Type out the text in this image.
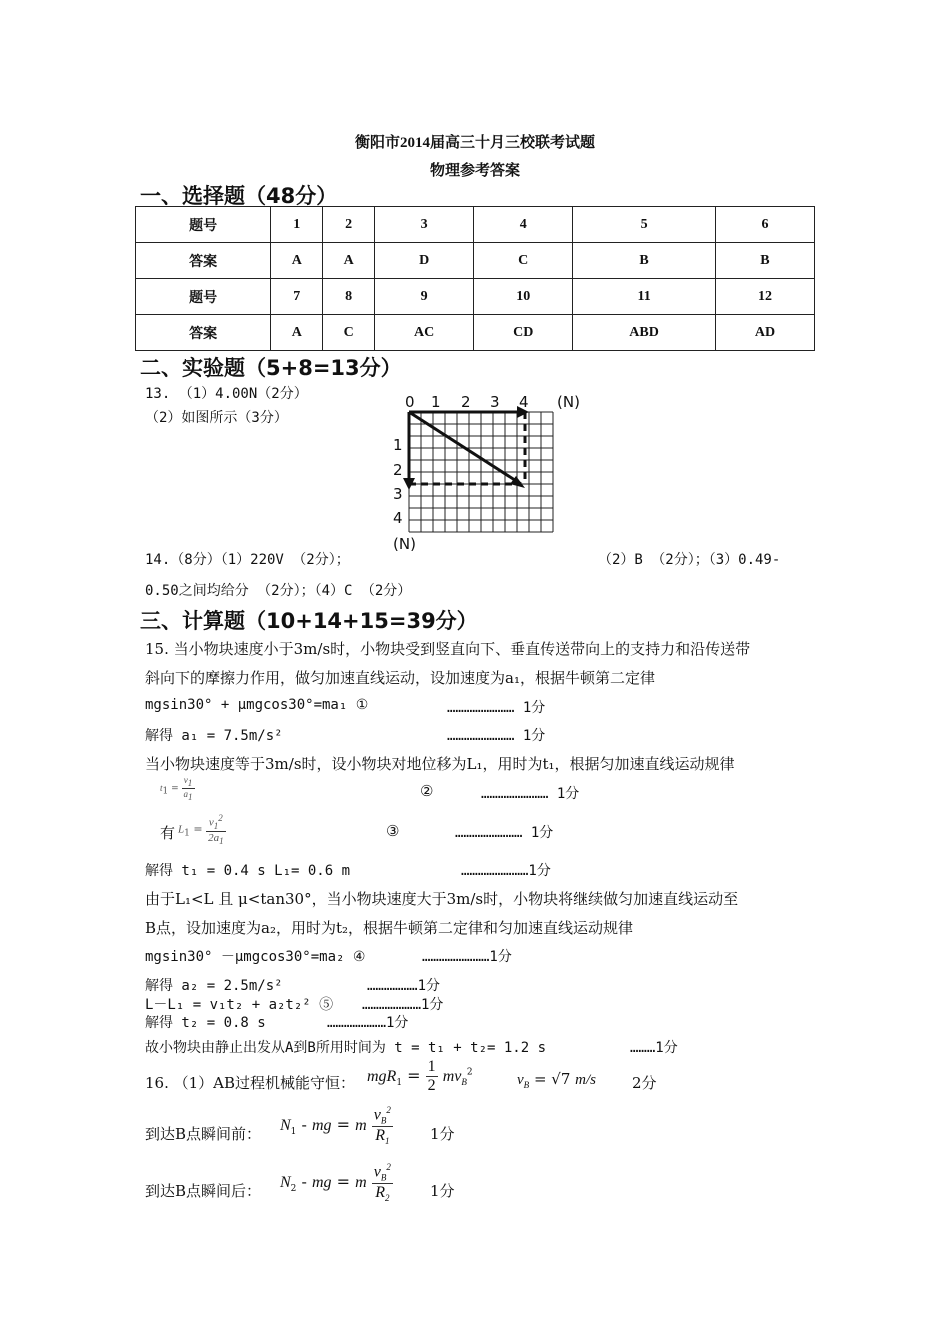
衡阳市2014届高三十月三校联考试题
物理参考答案
一、选择题（48分）
题号	1	2	3	4	5	6
答案	A	A	D	C	B	B
题号	7	8	9	10	11	12
答案	A	C	AC	CD	ABD	AD
二、实验题（5+8=13分）
13. （1）4.00N（2分）
（2）如图所示（3分）
0 1 2 3 4 (N)
1
2
3
4
(N)
14.（8分）（1）220V （2分）；	（2）B （2分）；（3）0.49-
0.50之间均给分 （2分）；（4）C （2分）
三、计算题（10+14+15=39分）
15. 当小物块速度小于3m/s时，小物块受到竖直向下、垂直传送带向上的支持力和沿传送带
斜向下的摩擦力作用，做匀加速直线运动，设加速度为a₁，根据牛顿第二定律
mgsin30° + μmgcos30°=ma₁ ①	…………………… 1分
解得 a₁ = 7.5m/s²	…………………… 1分
当小物块速度等于3m/s时，设小物块对地位移为L₁，用时为t₁，根据匀加速直线运动规律
$t_1 = \frac{v_1}{a_1}$	②	…………………… 1分
有 $L_1 = \frac{v_1^2}{2a_1}$	③	…………………… 1分
解得 t₁ = 0.4 s L₁= 0.6 m	……………………1分
由于L₁<L 且 μ<tan30°，当小物块速度大于3m/s时，小物块将继续做匀加速直线运动至
B点，设加速度为a₂，用时为t₂，根据牛顿第二定律和匀加速直线运动规律
mgsin30° －μmgcos30°=ma₂ ④	……………………1分
解得 a₂ = 2.5m/s²	………………1分
L－L₁ = v₁t₂ + a₂t₂² ⑤ …………………1分
解得 t₂ = 0.8 s	…………………1分
故小物块由静止出发从A到B所用时间为 t = t₁ + t₂= 1.2 s	………1分
16. （1）AB过程机械能守恒： $mgR_1 = \frac{1}{2} mv_B^2$	$v_B = √7$ m/s 2分
到达B点瞬间前： $N_1$ - mg = m $\frac{v_B^2}{R_1} 1$分
到达B点瞬间后： $N_2$ - mg = m $\frac{v_B^2}{R_2} 1$分
